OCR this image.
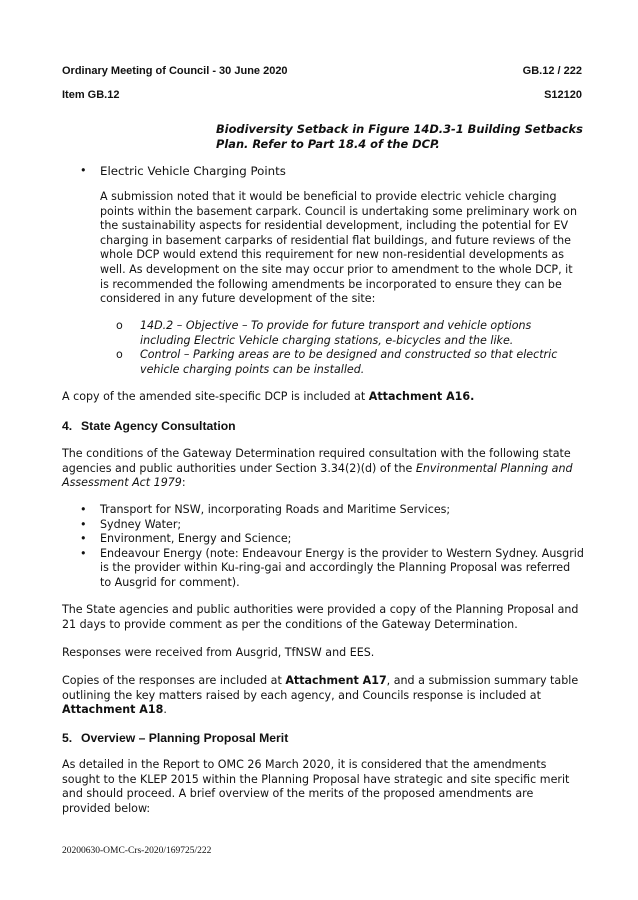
Ordinary Meeting of Council - 30 June 2020	GB.12 / 222
Item GB.12	S12120
Biodiversity Setback in Figure 14D.3-1 Building Setbacks Plan. Refer to Part 18.4 of the DCP.
• Electric Vehicle Charging Points
A submission noted that it would be beneficial to provide electric vehicle charging points within the basement carpark. Council is undertaking some preliminary work on the sustainability aspects for residential development, including the potential for EV charging in basement carparks of residential flat buildings, and future reviews of the whole DCP would extend this requirement for new non-residential developments as well. As development on the site may occur prior to amendment to the whole DCP, it is recommended the following amendments be incorporated to ensure they can be considered in any future development of the site:
o 14D.2 – Objective – To provide for future transport and vehicle options including Electric Vehicle charging stations, e-bicycles and the like.
o Control – Parking areas are to be designed and constructed so that electric vehicle charging points can be installed.
A copy of the amended site-specific DCP is included at Attachment A16.
4. State Agency Consultation
The conditions of the Gateway Determination required consultation with the following state agencies and public authorities under Section 3.34(2)(d) of the Environmental Planning and Assessment Act 1979:
• Transport for NSW, incorporating Roads and Maritime Services;
• Sydney Water;
• Environment, Energy and Science;
• Endeavour Energy (note: Endeavour Energy is the provider to Western Sydney. Ausgrid is the provider within Ku-ring-gai and accordingly the Planning Proposal was referred to Ausgrid for comment).
The State agencies and public authorities were provided a copy of the Planning Proposal and 21 days to provide comment as per the conditions of the Gateway Determination.
Responses were received from Ausgrid, TfNSW and EES.
Copies of the responses are included at Attachment A17, and a submission summary table outlining the key matters raised by each agency, and Councils response is included at Attachment A18.
5. Overview – Planning Proposal Merit
As detailed in the Report to OMC 26 March 2020, it is considered that the amendments sought to the KLEP 2015 within the Planning Proposal have strategic and site specific merit and should proceed. A brief overview of the merits of the proposed amendments are provided below:
20200630-OMC-Crs-2020/169725/222
